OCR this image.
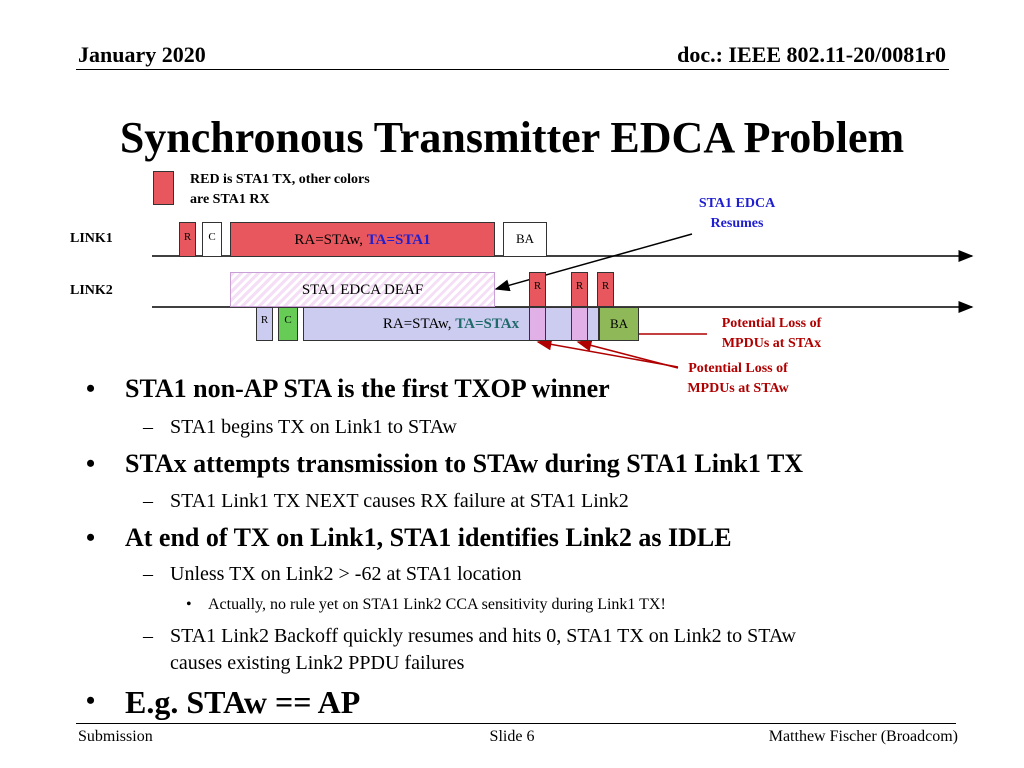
January 2020	doc.: IEEE 802.11-20/0081r0
Synchronous Transmitter EDCA Problem
RED is STA1 TX, other colors
are STA1 RX	STA1 EDCA
Resumes
LINK1
LINK2
R	C	RA=STAw, TA=STA1	BA
STA1 EDCA DEAF	R	R	R
R	C	RA=STAw, TA=STAx	BA	Potential Loss of
MPDUs at STAx
Potential Loss of
MPDUs at STAw
• STA1 non-AP STA is the first TXOP winner
– STA1 begins TX on Link1 to STAw
• STAx attempts transmission to STAw during STA1 Link1 TX
– STA1 Link1 TX NEXT causes RX failure at STA1 Link2
• At end of TX on Link1, STA1 identifies Link2 as IDLE
– Unless TX on Link2 > -62 at STA1 location
• Actually, no rule yet on STA1 Link2 CCA sensitivity during Link1 TX!
– STA1 Link2 Backoff quickly resumes and hits 0, STA1 TX on Link2 to STAw
causes existing Link2 PPDU failures
• E.g. STAw == AP
Submission	Slide 6	Matthew Fischer (Broadcom)
